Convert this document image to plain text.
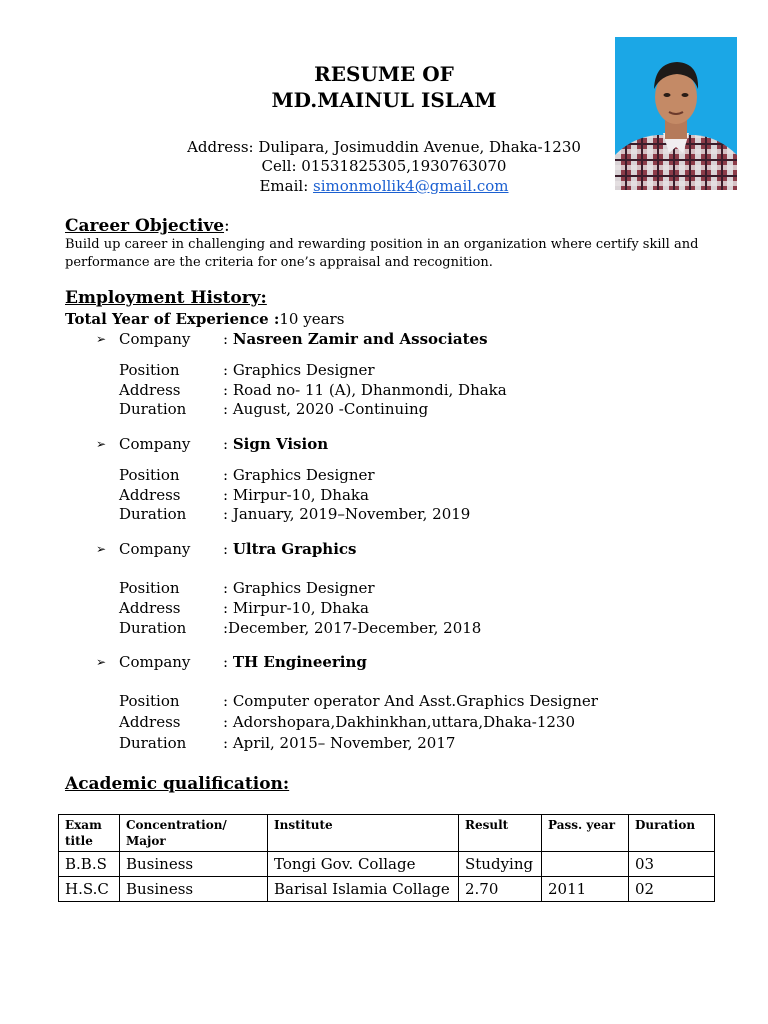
RESUME OF
MD.MAINUL ISLAM
Address: Dulipara, Josimuddin Avenue, Dhaka-1230
Cell: 01531825305,1930763070
Email: simonmollik4@gmail.com
Career Objective:
Build up career in challenging and rewarding position in an organization where certify skill and
performance are the criteria for one’s appraisal and recognition.
Employment History:
Total Year of Experience :10 years
➢ Company : Nasreen Zamir and Associates
Position	: Graphics Designer
Address	: Road no- 11 (A), Dhanmondi, Dhaka
Duration : August, 2020 -Continuing
➢ Company : Sign Vision
Position	: Graphics Designer
Address	: Mirpur-10, Dhaka
Duration : January, 2019–November, 2019
➢ Company : Ultra Graphics
Position	: Graphics Designer
Address	: Mirpur-10, Dhaka
Duration :December, 2017-December, 2018
➢ Company : TH Engineering
Position	: Computer operator And Asst.Graphics Designer
Address	: Adorshopara,Dakhinkhan,uttara,Dhaka-1230
Duration : April, 2015– November, 2017
Academic qualification:
Exam title	Concentration/ Major	Institute	Result	Pass. year	Duration
B.B.S	Business	Tongi Gov. Collage	Studying		03
H.S.C	Business	Barisal Islamia Collage	2.70	2011	02
